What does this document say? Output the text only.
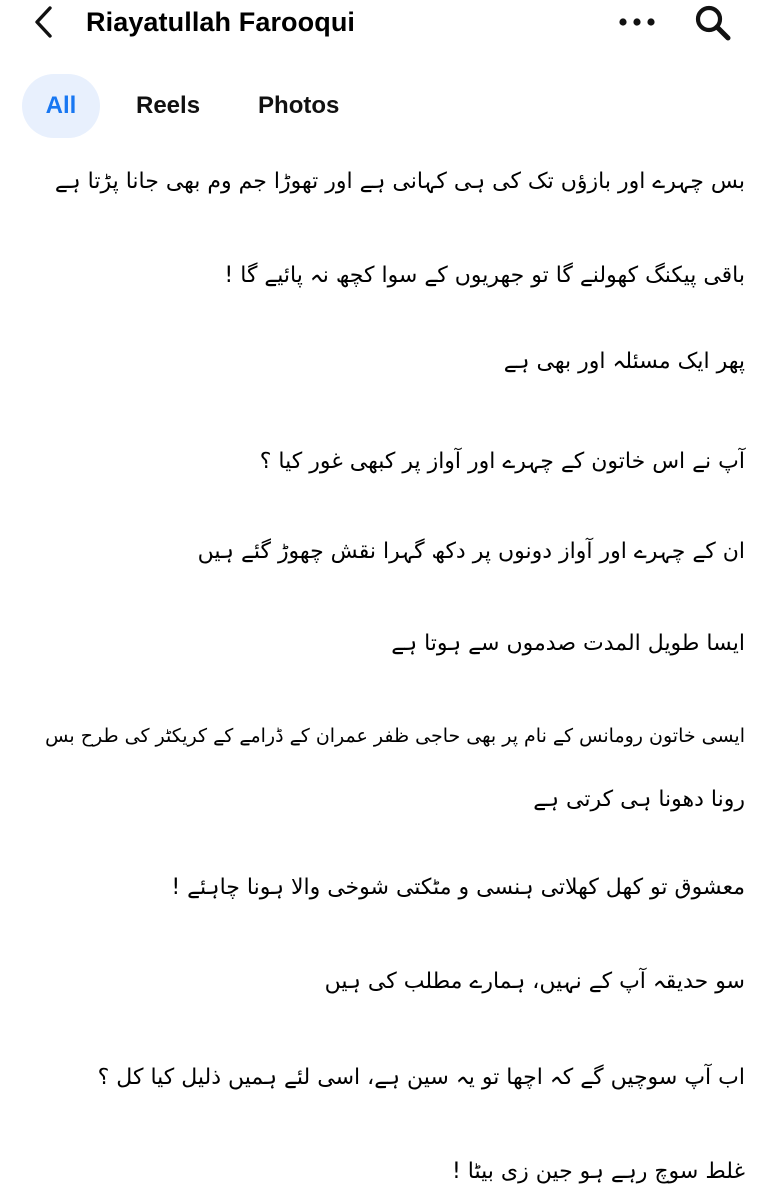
Riayatullah Farooqui
All	Reels Photos
بس چہرے اور بازؤں تک کی ہی کہانی ہے اور تھوڑا جم وم بھی جانا پڑتا ہے
باقی پیکنگ کھولنے گا تو جھریوں کے سوا کچھ نہ پائیے گا !
پھر ایک مسئلہ اور بھی ہے
آپ نے اس خاتون کے چہرے اور آواز پر کبھی غور کیا ؟
ان کے چہرے اور آواز دونوں پر دکھ گہرا نقش چھوڑ گئے ہیں
ایسا طویل المدت صدموں سے ہوتا ہے
ایسی خاتون رومانس کے نام پر بھی حاجی ظفر عمران کے ڈرامے کے کریکٹر کی طرح بس
رونا دھونا ہی کرتی ہے
معشوق تو کھل کھلاتی ہنسی و مٹکتی شوخی والا ہونا چاہئے !
سو حدیقہ آپ کے نہیں، ہمارے مطلب کی ہیں
اب آپ سوچیں گے کہ اچھا تو یہ سین ہے، اسی لئے ہمیں ذلیل کیا کل ؟
غلط سوچ رہے ہو جین زی بیٹا !
